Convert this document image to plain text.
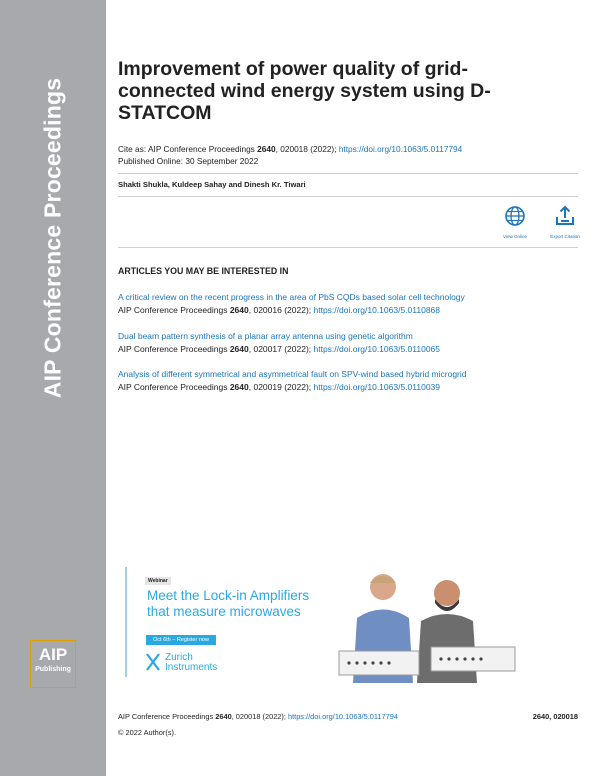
AIP Conference Proceedings
AIP
Publishing
Improvement of power quality of grid-connected wind energy system using D-STATCOM
Cite as: AIP Conference Proceedings 2640, 020018 (2022); https://doi.org/10.1063/5.0117794
Published Online: 30 September 2022
Shakti Shukla, Kuldeep Sahay and Dinesh Kr. Tiwari
View Online	Export Citation
ARTICLES YOU MAY BE INTERESTED IN
A critical review on the recent progress in the area of PbS CQDs based solar cell technology
AIP Conference Proceedings 2640, 020016 (2022); https://doi.org/10.1063/5.0110868
Dual beam pattern synthesis of a planar array antenna using genetic algorithm
AIP Conference Proceedings 2640, 020017 (2022); https://doi.org/10.1063/5.0110065
Analysis of different symmetrical and asymmetrical fault on SPV-wind based hybrid microgrid
AIP Conference Proceedings 2640, 020019 (2022); https://doi.org/10.1063/5.0110039
Webinar
Meet the Lock-in Amplifiers
that measure microwaves
Oct 6th – Register now
Zurich
Instruments
AIP Conference Proceedings 2640, 020018 (2022); https://doi.org/10.1063/5.0117794	2640, 020018
© 2022 Author(s).
